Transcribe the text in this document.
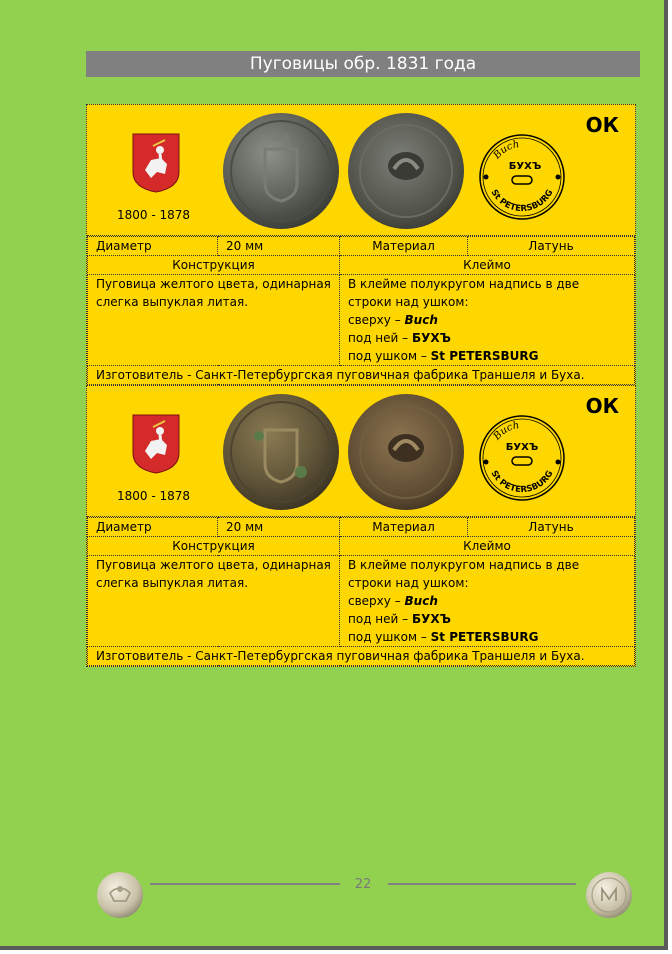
Пуговицы обр. 1831 года
1800 - 1878
Buch
БУХЪ
St PETERSBURG
ОК
Диаметр	20 мм	Материал	Латунь
Конструкция		Клеймо	
Пуговица желтого цвета, одинарная слегка выпуклая литая.		В клейме полукругом надпись в две строки над ушком:
сверху – Buch
под ней – БУХЪ
под ушком – St PETERSBURG	

Изготовитель - Санкт-Петербургская пуговичная фабрика Траншеля и Буха.			
1800 - 1878
Buch
БУХЪ
St PETERSBURG
ОК
Диаметр	20 мм	Материал	Латунь
Конструкция		Клеймо	
Пуговица желтого цвета, одинарная слегка выпуклая литая.		В клейме полукругом надпись в две строки над ушком:
сверху – Buch
под ней – БУХЪ
под ушком – St PETERSBURG	

Изготовитель - Санкт-Петербургская пуговичная фабрика Траншеля и Буха.			
22
